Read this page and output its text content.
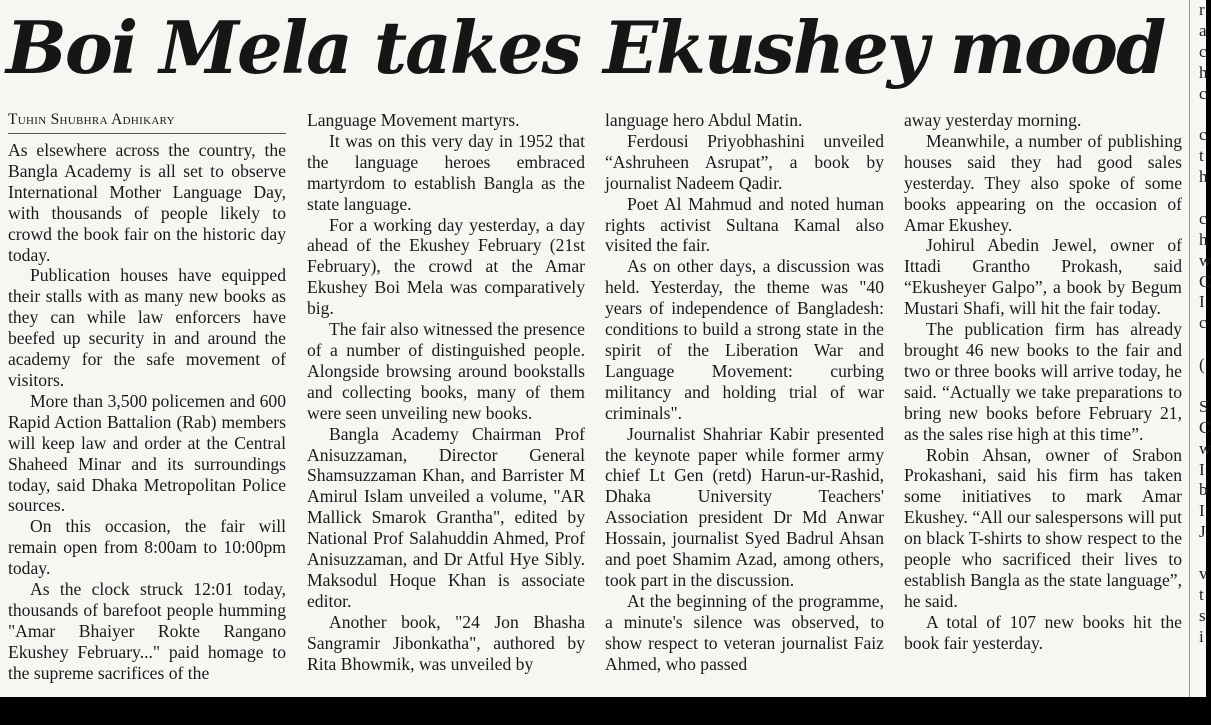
Boi Mela takes Ekushey mood

Tuhin Shubhra Adhikary

As elsewhere across the country, the Bangla Academy is all set to observe International Mother Language Day, with thousands of people likely to crowd the book fair on the historic day today.

Publication houses have equipped their stalls with as many new books as they can while law enforcers have beefed up security in and around the academy for the safe movement of visitors.

More than 3,500 policemen and 600 Rapid Action Battalion (Rab) members will keep law and order at the Central Shaheed Minar and its surroundings today, said Dhaka Metropolitan Police sources.

On this occasion, the fair will remain open from 8:00am to 10:00pm today.

As the clock struck 12:01 today, thousands of barefoot people humming "Amar Bhaiyer Rokte Rangano Ekushey February..." paid homage to the supreme sacrifices of the

Language Movement martyrs.

It was on this very day in 1952 that the language heroes embraced martyrdom to establish Bangla as the state language.

For a working day yesterday, a day ahead of the Ekushey February (21st February), the crowd at the Amar Ekushey Boi Mela was comparatively big.

The fair also witnessed the presence of a number of distinguished people. Alongside browsing around bookstalls and collecting books, many of them were seen unveiling new books.

Bangla Academy Chairman Prof Anisuzzaman, Director General Shamsuzzaman Khan, and Barrister M Amirul Islam unveiled a volume, "AR Mallick Smarok Grantha", edited by National Prof Salahuddin Ahmed, Prof Anisuzzaman, and Dr Atful Hye Sibly. Maksodul Hoque Khan is associate editor.

Another book, "24 Jon Bhasha Sangramir Jibonkatha", authored by Rita Bhowmik, was unveiled by

language hero Abdul Matin.

Ferdousi Priyobhashini unveiled “Ashruheen Asrupat”, a book by journalist Nadeem Qadir.

Poet Al Mahmud and noted human rights activist Sultana Kamal also visited the fair.

As on other days, a discussion was held. Yesterday, the theme was "40 years of independence of Bangladesh: conditions to build a strong state in the spirit of the Liberation War and Language Movement: curbing militancy and holding trial of war criminals".

Journalist Shahriar Kabir presented the keynote paper while former army chief Lt Gen (retd) Harun-ur-Rashid, Dhaka University Teachers' Association president Dr Md Anwar Hossain, journalist Syed Badrul Ahsan and poet Shamim Azad, among others, took part in the discussion.

At the beginning of the programme, a minute's silence was observed, to show respect to veteran journalist Faiz Ahmed, who passed

away yesterday morning.

Meanwhile, a number of publishing houses said they had good sales yesterday. They also spoke of some books appearing on the occasion of Amar Ekushey.

Johirul Abedin Jewel, owner of Ittadi Grantho Prokash, said “Ekusheyer Galpo”, a book by Begum Mustari Shafi, will hit the fair today.

The publication firm has already brought 46 new books to the fair and two or three books will arrive today, he said. “Actually we take preparations to bring new books before February 21, as the sales rise high at this time”.

Robin Ahsan, owner of Srabon Prokashani, said his firm has taken some initiatives to mark Amar Ekushey. “All our salespersons will put on black T-shirts to show respect to the people who sacrificed their lives to establish Bangla as the state language”, he said.

A total of 107 new books hit the book fair yesterday.

r
a
c
h
c
c
t
h
c
h
w
C
I
c
(
S
C
w
I
b
I
J
v
t
s
i
